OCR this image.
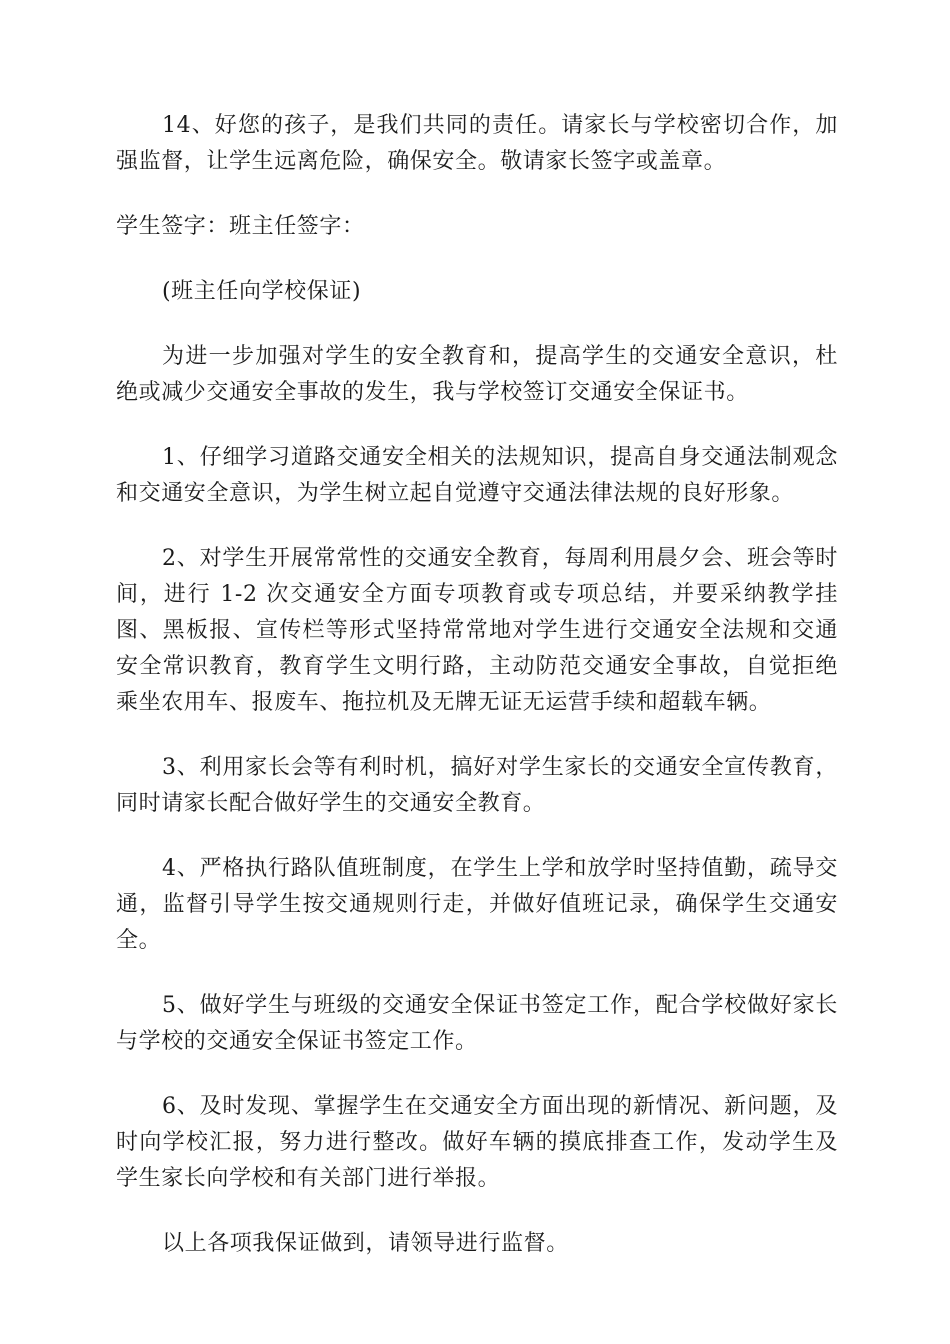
14、好您的孩子，是我们共同的责任。请家长与学校密切合作，加强监督，让学生远离危险，确保安全。敬请家长签字或盖章。

学生签字：班主任签字：

(班主任向学校保证)

为进一步加强对学生的安全教育和，提高学生的交通安全意识，杜绝或减少交通安全事故的发生，我与学校签订交通安全保证书。

1、仔细学习道路交通安全相关的法规知识，提高自身交通法制观念和交通安全意识，为学生树立起自觉遵守交通法律法规的良好形象。

2、对学生开展常常性的交通安全教育，每周利用晨夕会、班会等时间，进行 1-2 次交通安全方面专项教育或专项总结，并要采纳教学挂图、黑板报、宣传栏等形式坚持常常地对学生进行交通安全法规和交通安全常识教育，教育学生文明行路，主动防范交通安全事故，自觉拒绝乘坐农用车、报废车、拖拉机及无牌无证无运营手续和超载车辆。

3、利用家长会等有利时机，搞好对学生家长的交通安全宣传教育，同时请家长配合做好学生的交通安全教育。

4、严格执行路队值班制度，在学生上学和放学时坚持值勤，疏导交通，监督引导学生按交通规则行走，并做好值班记录，确保学生交通安全。

5、做好学生与班级的交通安全保证书签定工作，配合学校做好家长与学校的交通安全保证书签定工作。

6、及时发现、掌握学生在交通安全方面出现的新情况、新问题，及时向学校汇报，努力进行整改。做好车辆的摸底排查工作，发动学生及学生家长向学校和有关部门进行举报。

以上各项我保证做到，请领导进行监督。
